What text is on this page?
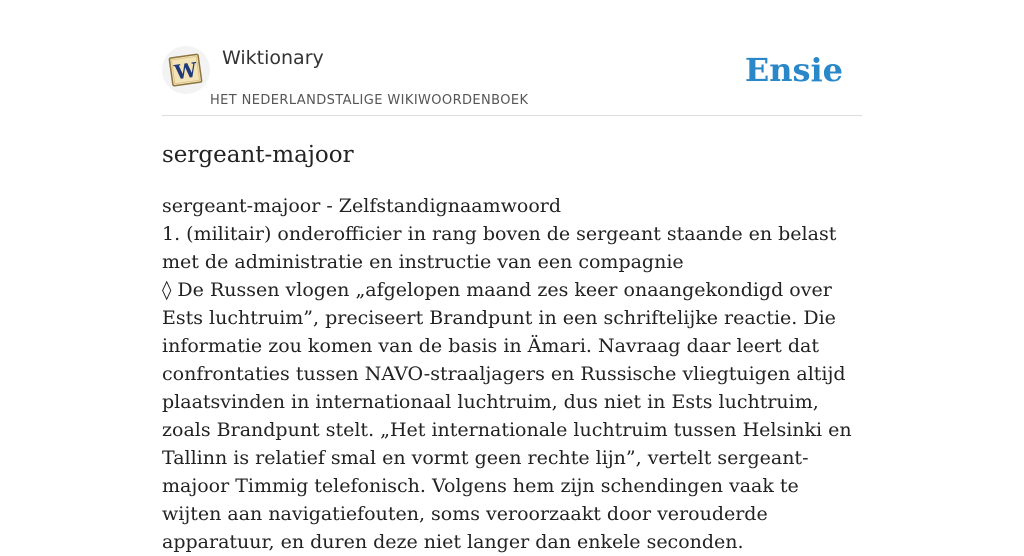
W Wiktionary
HET NEDERLANDSTALIGE WIKIWOORDENBOEK
Ensie
sergeant-majoor

sergeant-majoor - Zelfstandignaamwoord

1. (militair) onderofficier in rang boven de sergeant staande en belast met de administratie en instructie van een compagnie

◊ De Russen vlogen „afgelopen maand zes keer onaangekondigd over Ests luchtruim”, preciseert Brandpunt in een schriftelijke reactie. Die informatie zou komen van de basis in Ämari. Navraag daar leert dat confrontaties tussen NAVO-straaljagers en Russische vliegtuigen altijd plaatsvinden in internationaal luchtruim, dus niet in Ests luchtruim, zoals Brandpunt stelt. „Het internationale luchtruim tussen Helsinki en Tallinn is relatief smal en vormt geen rechte lijn”, vertelt sergeant-majoor Timmig telefonisch. Volgens hem zijn schendingen vaak te wijten aan navigatiefouten, soms veroorzaakt door verouderde apparatuur, en duren deze niet langer dan enkele seconden.
